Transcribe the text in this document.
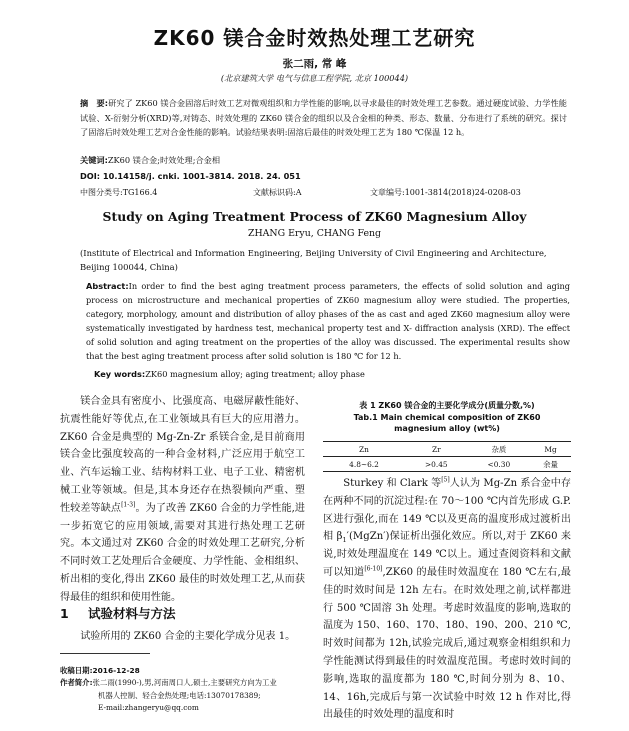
ZK60 镁合金时效热处理工艺研究
张二雨, 常 峰
(北京建筑大学 电气与信息工程学院, 北京 100044)
摘　要:研究了 ZK60 镁合金固溶后时效工艺对微观组织和力学性能的影响,以寻求最佳的时效处理工艺参数。通过硬度试验、力学性能试验、X-衍射分析(XRD)等,对铸态、时效处理的 ZK60 镁合金的组织以及合金相的种类、形态、数量、分布进行了系统的研究。探讨了固溶后时效处理工艺对合金性能的影响。试验结果表明:固溶后最佳的时效处理工艺为 180 ℃保温 12 h。
关键词:ZK60 镁合金;时效处理;合金相
DOI: 10.14158/j. cnki. 1001-3814. 2018. 24. 051
中图分类号:TG166.4	文献标识码:A	文章编号:1001-3814(2018)24-0208-03
Study on Aging Treatment Process of ZK60 Magnesium Alloy
ZHANG Eryu, CHANG Feng
(Institute of Electrical and Information Engineering, Beijing University of Civil Engineering and Architecture, Beijing 100044, China)
Abstract:In order to find the best aging treatment process parameters, the effects of solid solution and aging process on microstructure and mechanical properties of ZK60 magnesium alloy were studied. The properties, category, morphology, amount and distribution of alloy phases of the as cast and aged ZK60 magnesium alloy were systematically investigated by hardness test, mechanical property test and X- diffraction analysis (XRD). The effect of solid solution and aging treatment on the properties of the alloy was discussed. The experimental results show that the best aging treatment process after solid solution is 180 ℃ for 12 h.
Key words:ZK60 magnesium alloy; aging treatment; alloy phase
镁合金具有密度小、比强度高、电磁屏蔽性能好、抗震性能好等优点,在工业领域具有巨大的应用潜力。ZK60 合金是典型的 Mg-Zn-Zr 系镁合金,是目前商用镁合金比强度较高的一种合金材料,广泛应用于航空工业、汽车运输工业、结构材料工业、电子工业、精密机械工业等领域。但是,其本身还存在热裂倾向严重、塑性较差等缺点[1-3]。为了改善 ZK60 合金的力学性能,进一步拓宽它的应用领域,需要对其进行热处理工艺研究。本文通过对 ZK60 合金的时效处理工艺研究,分析不同时效工艺处理后合金硬度、力学性能、金相组织、析出相的变化,得出 ZK60 最佳的时效处理工艺,从而获得最佳的组织和使用性能。
1 试验材料与方法
试验所用的 ZK60 合金的主要化学成分见表 1。
收稿日期:2016-12-28
作者简介:张二雨(1990-),男,河南周口人,硕士,主要研究方向为工业
机器人控制、轻合金热处理;电话:13070178389;
E-mail:zhangeryu@qq.com
表 1 ZK60 镁合金的主要化学成分(质量分数,%)
Tab.1 Main chemical composition of ZK60
magnesium alloy (wt%)
Zn	Zr	杂质	Mg
4.8~6.2	>0.45	<0.30	余量
Sturkey 和 Clark 等[5]人认为 Mg-Zn 系合金中存在两种不同的沉淀过程:在 70～100 ℃内首先形成 G.P. 区进行强化,而在 149 ℃以及更高的温度形成过渡析出相 $\beta_1'(MgZn')$保证析出强化效应。所以,对于 ZK60 来说,时效处理温度在 149 ℃以上。通过查阅资料和文献可以知道[6-10],ZK60 的最佳时效温度在 180 ℃左右,最佳的时效时间是 12h 左右。在时效处理之前,试样都进行 500 ℃固溶 3h 处理。考虑时效温度的影响,选取的温度为 150、160、170、180、190、200、210 ℃,时效时间都为 12h,试验完成后,通过观察金相组织和力学性能测试得到最佳的时效温度范围。考虑时效时间的影响,选取的温度都为 180 ℃,时间分别为 8、10、14、16h,完成后与第一次试验中时效 12 h 作对比,得出最佳的时效处理的温度和时
